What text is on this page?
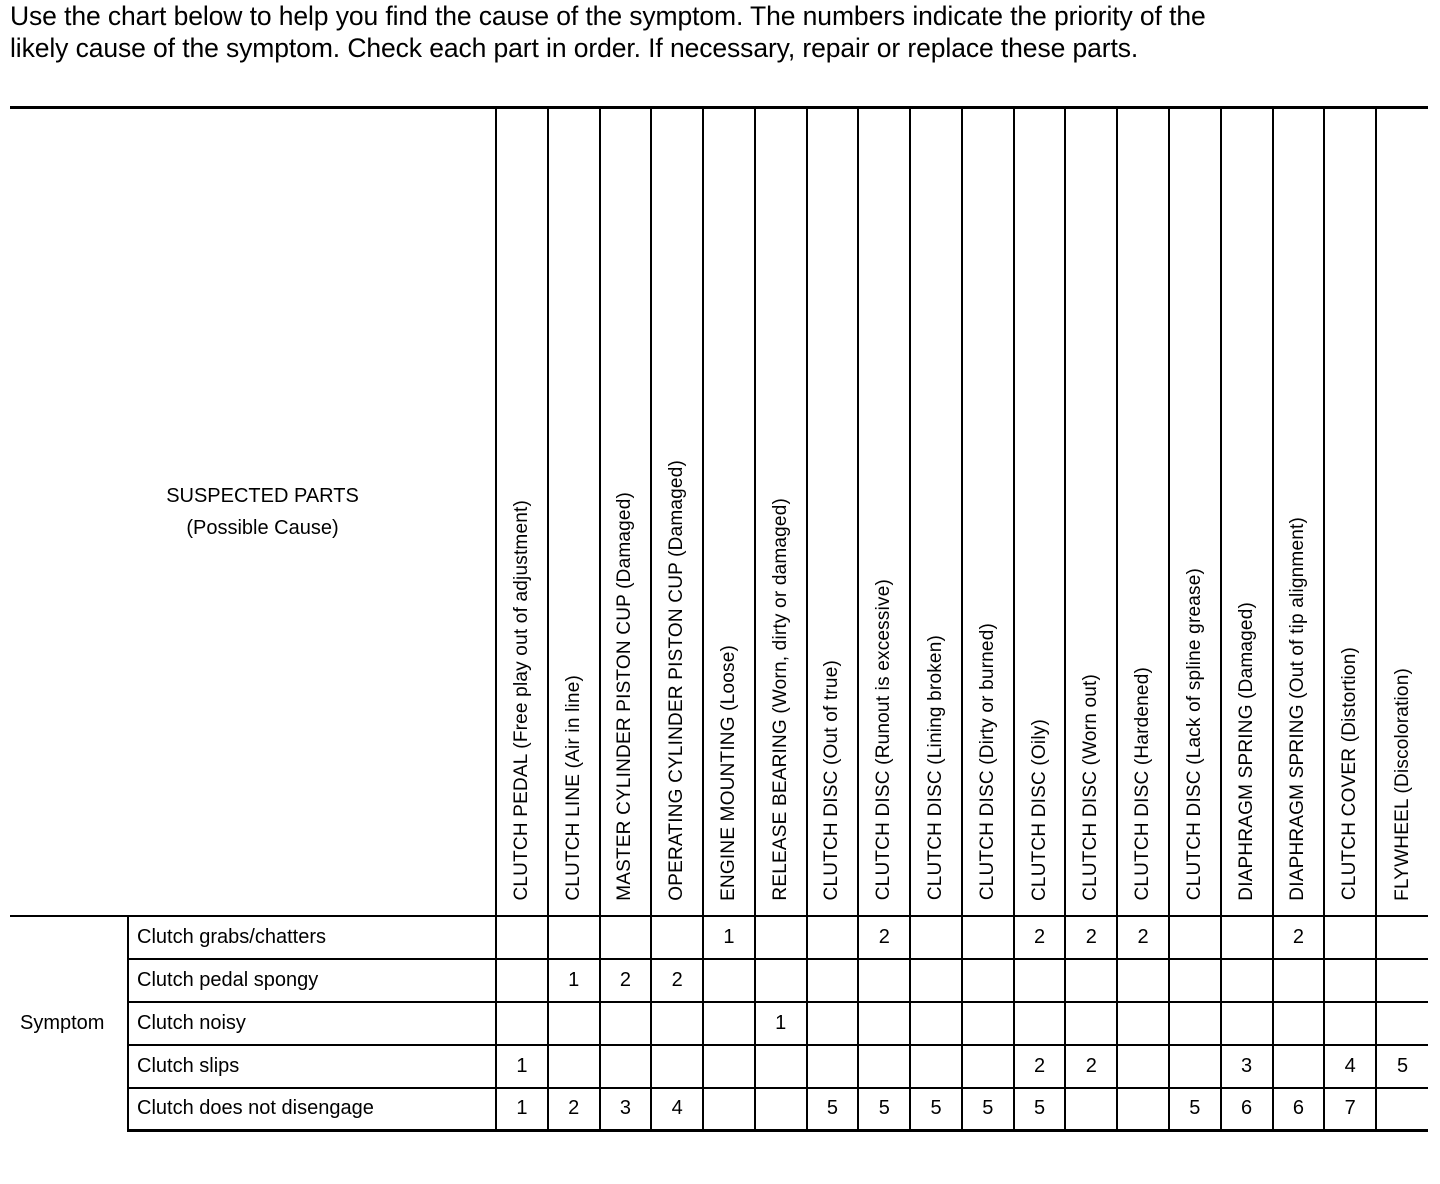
Use the chart below to help you find the cause of the symptom. The numbers indicate the priority of the
likely cause of the symptom. Check each part in order. If necessary, repair or replace these parts.

SUSPECTED PARTS
(Possible Cause)		CLUTCH PEDAL (Free play out of adjustment)	CLUTCH LINE (Air in line)	MASTER CYLINDER PISTON CUP (Damaged)	OPERATING CYLINDER PISTON CUP (Damaged)	ENGINE MOUNTING (Loose)	RELEASE BEARING (Worn, dirty or damaged)	CLUTCH DISC (Out of true)	CLUTCH DISC (Runout is excessive)	CLUTCH DISC (Lining broken)	CLUTCH DISC (Dirty or burned)	CLUTCH DISC (Oily)	CLUTCH DISC (Worn out)	CLUTCH DISC (Hardened)	CLUTCH DISC (Lack of spline grease)	DIAPHRAGM SPRING (Damaged)	DIAPHRAGM SPRING (Out of tip alignment)	CLUTCH COVER (Distortion)	FLYWHEEL (Discoloration)

Symptom	Clutch grabs/chatters					1			2			2	2	2			2		
	Clutch pedal spongy		1	2	2														
	Clutch noisy						1												
	Clutch slips	1										2	2			3		4	5
	Clutch does not disengage	1	2	3	4			5	5	5	5	5			5	6	6	7	
